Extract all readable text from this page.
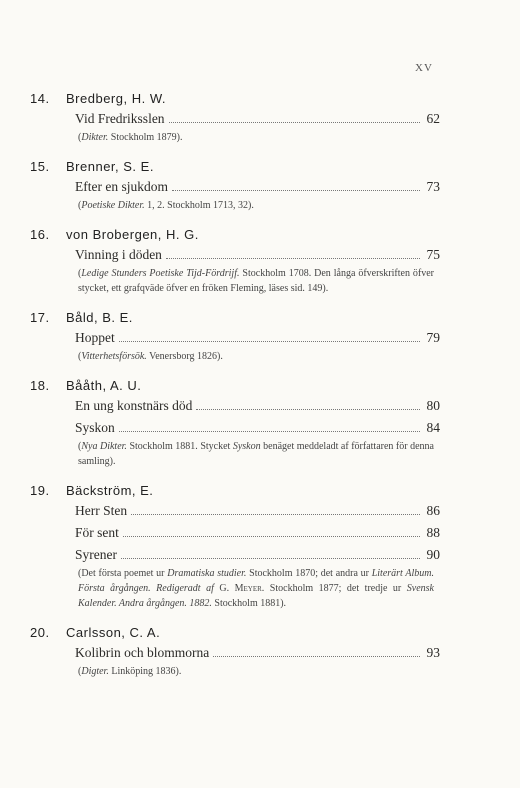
XV
14. Bredberg, H. W.
Vid Fredriksslen	62
(Dikter. Stockholm 1879).
15. Brenner, S. E.
Efter en sjukdom	73
(Poetiske Dikter. 1, 2. Stockholm 1713, 32).
16. von Brobergen, H. G.
Vinning i döden	75
(Ledige Stunders Poetiske Tijd-Fördrijf. Stockholm 1708. Den långa öfverskriften öfver stycket, ett grafqväde öfver en fröken Fleming, läses sid. 149).
17. Båld, B. E.
Hoppet	79
(Vitterhetsförsök. Venersborg 1826).
18. Bååth, A. U.
En ung konstnärs död	80
Syskon	84
(Nya Dikter. Stockholm 1881. Stycket Syskon benäget meddeladt af författaren för denna samling).
19. Bäckström, E.
Herr Sten	86
För sent	88
Syrener	90
(Det första poemet ur Dramatiska studier. Stockholm 1870; det andra ur Literärt Album. Första årgången. Redigeradt af G. Meyer. Stockholm 1877; det tredje ur Svensk Kalender. Andra årgången. 1882. Stockholm 1881).
20. Carlsson, C. A.
Kolibrin och blommorna	93
(Digter. Linköping 1836).
